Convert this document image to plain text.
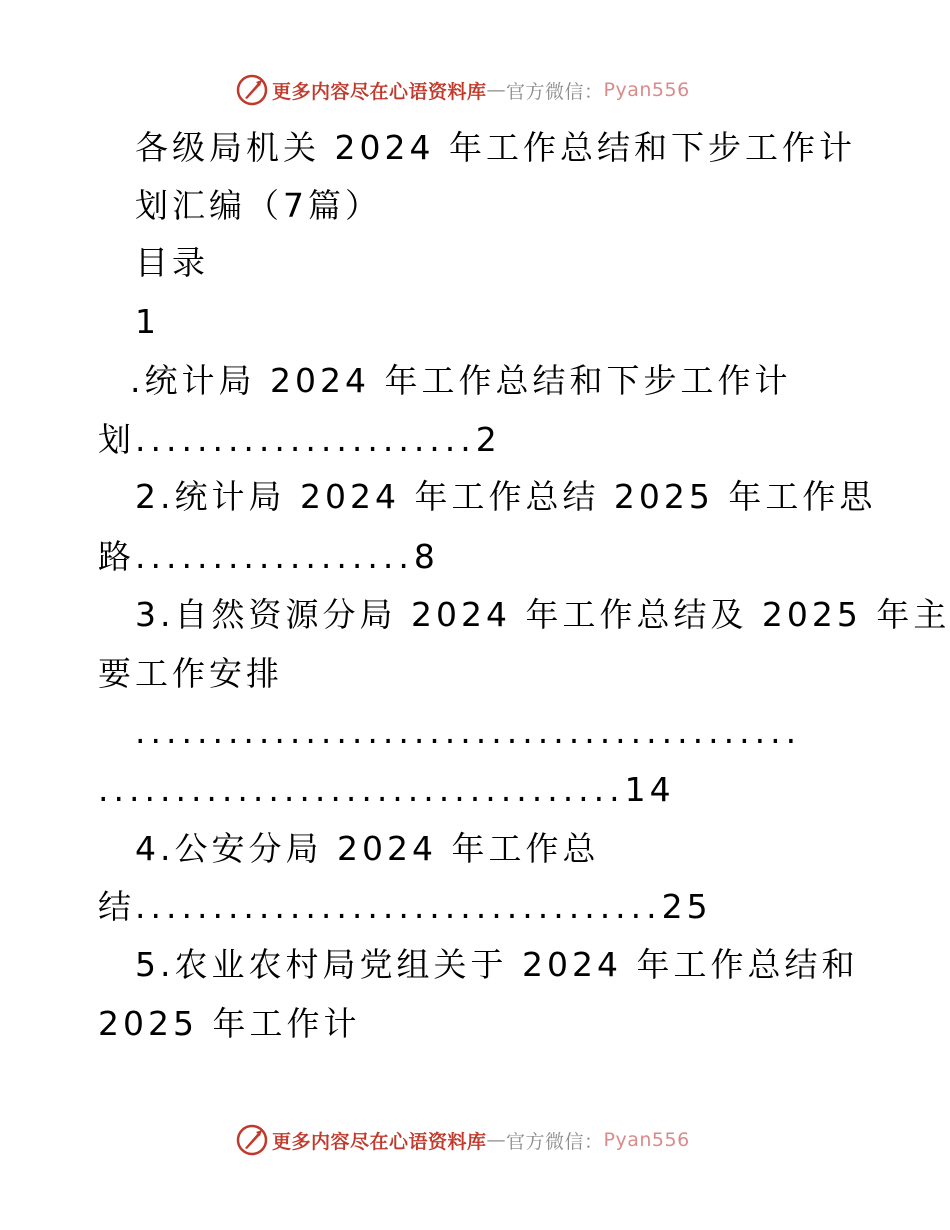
更多内容尽在心语资料库 — 官方微信： Pyan556
各级局机关 2024 年工作总结和下步工作计
划汇编（7篇）
目录
1
.统计局 2024 年工作总结和下步工作计
划......................2
2.统计局 2024 年工作总结 2025 年工作思
路..................8
3.自然资源分局 2024 年工作总结及 2025 年主
要工作安排
...........................................
..................................14
4.公安分局 2024 年工作总
结..................................25
5.农业农村局党组关于 2024 年工作总结和
2025 年工作计
更多内容尽在心语资料库 — 官方微信： Pyan556
